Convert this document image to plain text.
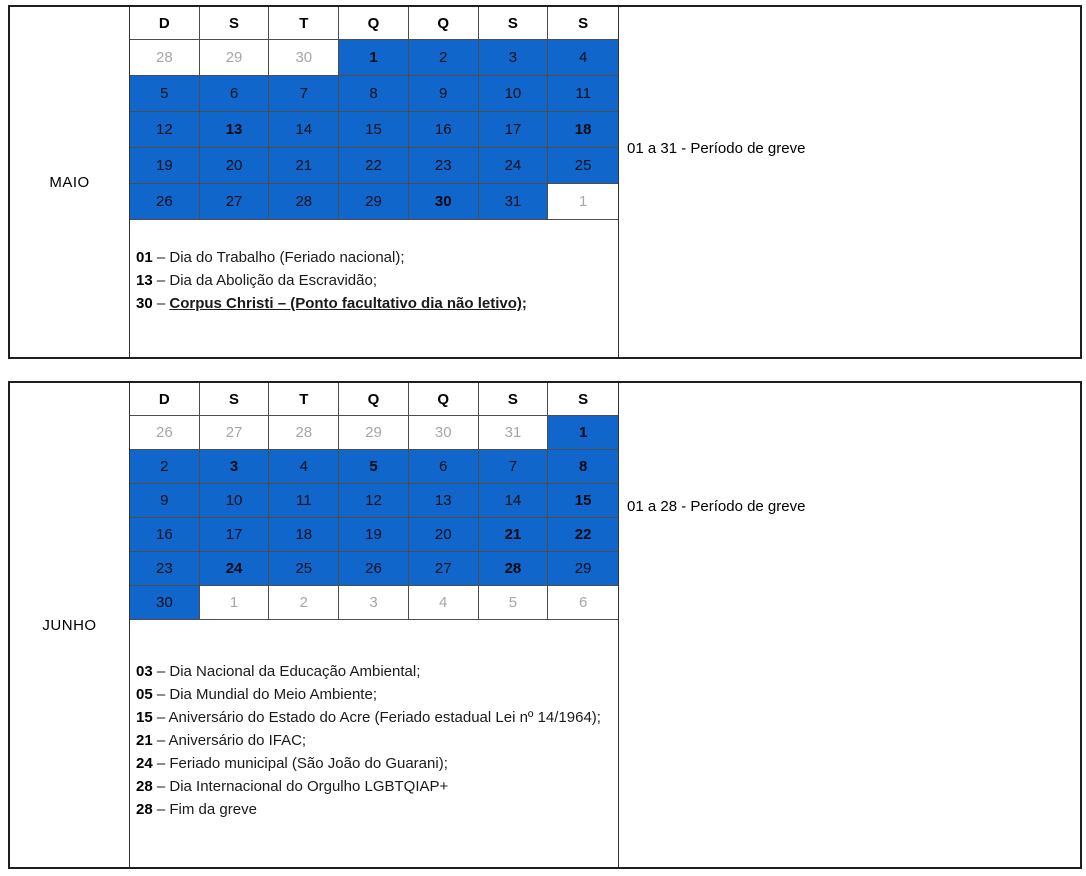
MAIO
D	S	T	Q	Q	S	S
28	29	30	1	2	3	4
5	6	7	8	9	10	11
12	13	14	15	16	17	18
19	20	21	22	23	24	25
26	27	28	29	30	31	1
01 – Dia do Trabalho (Feriado nacional);
13 – Dia da Abolição da Escravidão;
30 – Corpus Christi – (Ponto facultativo dia não letivo);
01 a 31 - Período de greve
JUNHO
D	S	T	Q	Q	S	S
26	27	28	29	30	31	1
2	3	4	5	6	7	8
9	10	11	12	13	14	15
16	17	18	19	20	21	22
23	24	25	26	27	28	29
30	1	2	3	4	5	6
03 – Dia Nacional da Educação Ambiental;
05 – Dia Mundial do Meio Ambiente;
15 – Aniversário do Estado do Acre (Feriado estadual Lei nº 14/1964);
21 – Aniversário do IFAC;
24 – Feriado municipal (São João do Guarani);
28 – Dia Internacional do Orgulho LGBTQIAP+
28 – Fim da greve
01 a 28 - Período de greve
